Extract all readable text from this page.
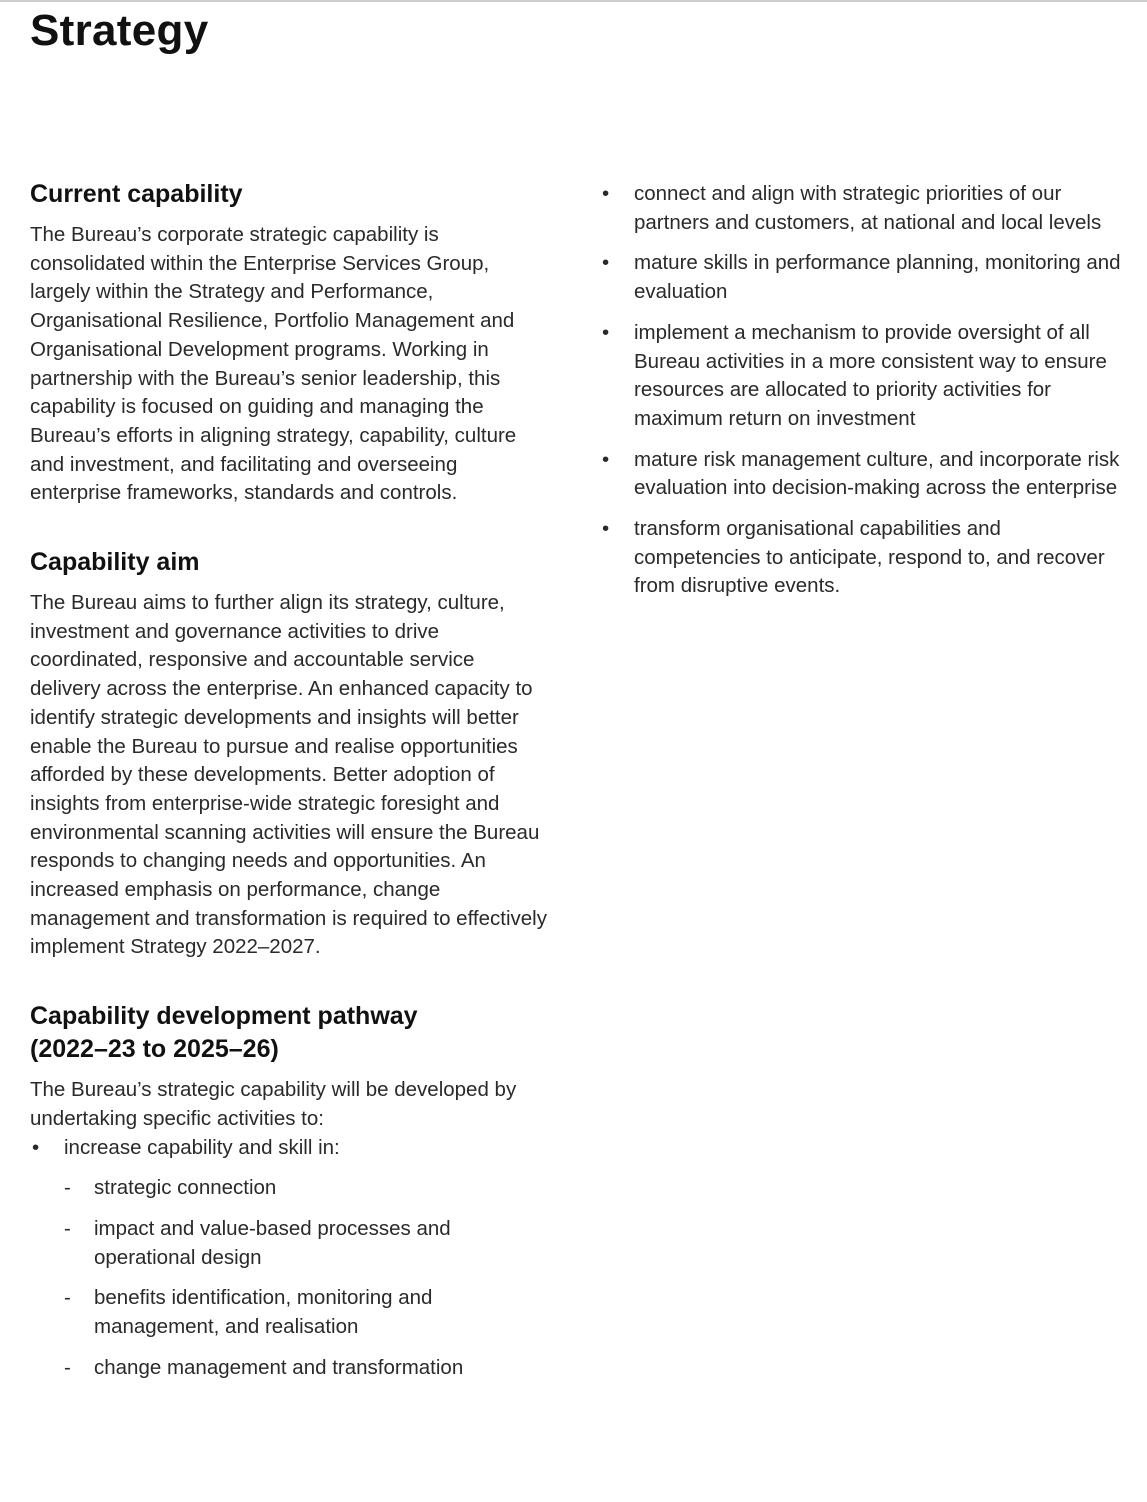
Strategy
Current capability

The Bureau’s corporate strategic capability is consolidated within the Enterprise Services Group, largely within the Strategy and Performance, Organisational Resilience, Portfolio Management and Organisational Development programs. Working in partnership with the Bureau’s senior leadership, this capability is focused on guiding and managing the Bureau’s efforts in aligning strategy, capability, culture and investment, and facilitating and overseeing enterprise frameworks, standards and controls.

Capability aim

The Bureau aims to further align its strategy, culture, investment and governance activities to drive coordinated, responsive and accountable service delivery across the enterprise. An enhanced capacity to identify strategic developments and insights will better enable the Bureau to pursue and realise opportunities afforded by these developments. Better adoption of insights from enterprise-wide strategic foresight and environmental scanning activities will ensure the Bureau responds to changing needs and opportunities. An increased emphasis on performance, change management and transformation is required to effectively implement Strategy 2022–2027.

Capability development pathway
(2022–23 to 2025–26)

The Bureau’s strategic capability will be developed by undertaking specific activities to:

• increase capability and skill in:
- strategic connection
- impact and value-based processes and operational design
- benefits identification, monitoring and management, and realisation
- change management and transformation
• connect and align with strategic priorities of our partners and customers, at national and local levels
• mature skills in performance planning, monitoring and evaluation
• implement a mechanism to provide oversight of all Bureau activities in a more consistent way to ensure resources are allocated to priority activities for maximum return on investment
• mature risk management culture, and incorporate risk evaluation into decision-making across the enterprise
• transform organisational capabilities and competencies to anticipate, respond to, and recover from disruptive events.
